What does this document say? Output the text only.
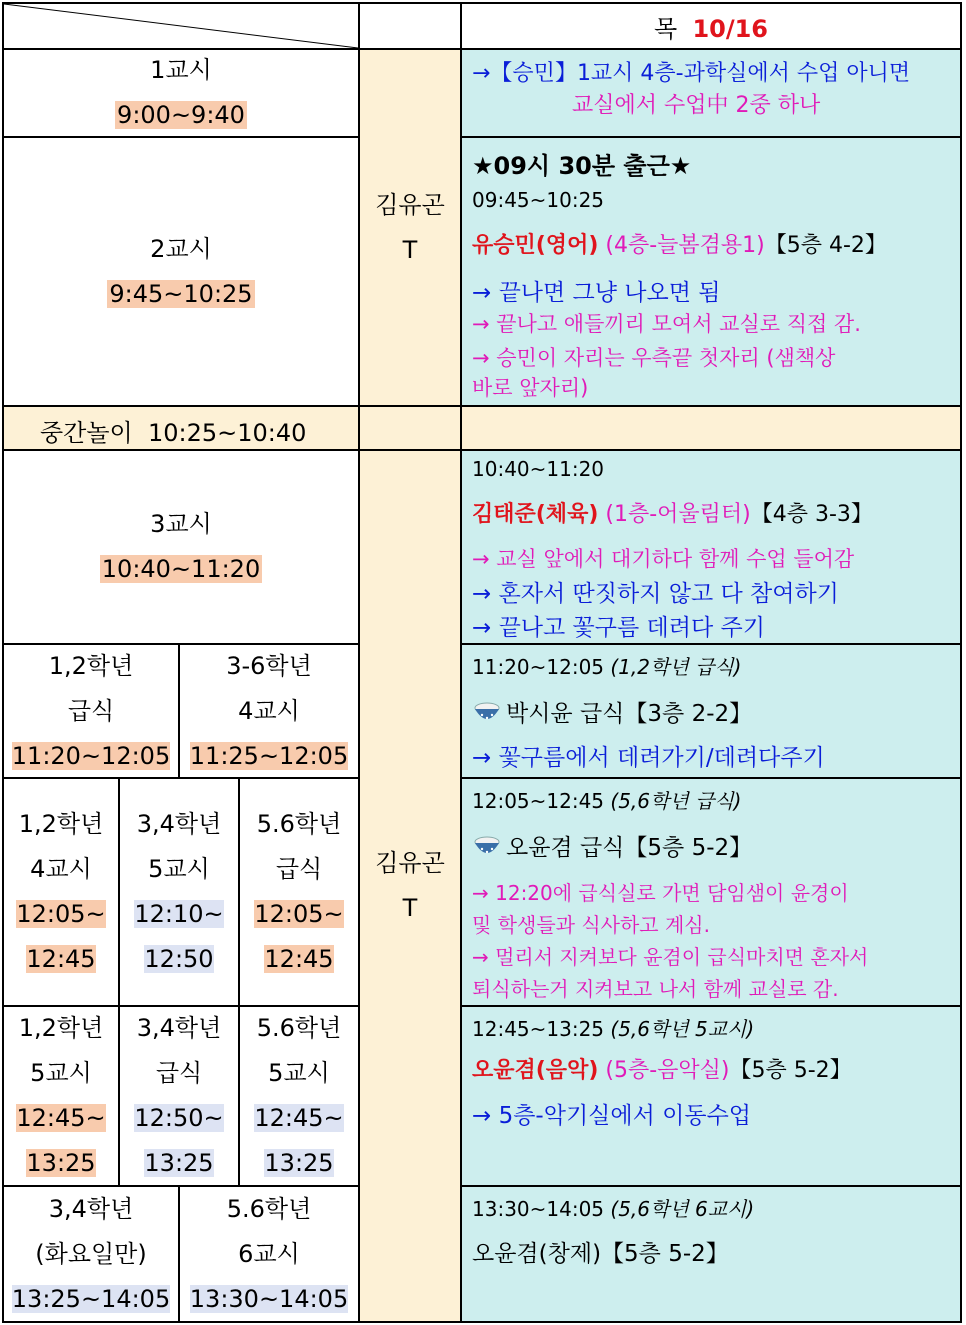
목 10/16
1교시
9:00~9:40
2교시
9:45~10:25
김유곤
T
→【승민】1교시 4층-과학실에서 수업 아니면
교실에서 수업中 2중 하나
★09시 30분 출근★
09:45~10:25
유승민(영어) (4층-늘봄겸용1)【5층 4-2】
→ 끝나면 그냥 나오면 됨
→ 끝나고 애들끼리 모여서 교실로 직접 감.
→ 승민이 자리는 우측끝 첫자리 (샘책상
바로 앞자리)
중간놀이  10:25~10:40
3교시
10:40~11:20
1,2학년
급식
11:20~12:05
3-6학년
4교시
11:25~12:05
1,2학년
4교시
12:05~
12:45
3,4학년
5교시
12:10~
12:50
5.6학년
급식
12:05~
12:45
1,2학년
5교시
12:45~
13:25
3,4학년
급식
12:50~
13:25
5.6학년
5교시
12:45~
13:25
3,4학년
(화요일만)
13:25~14:05
5.6학년
6교시
13:30~14:05
김유곤
T
10:40~11:20
김태준(체육) (1층-어울림터)【4층 3-3】
→ 교실 앞에서 대기하다 함께 수업 들어감
→ 혼자서 딴짓하지 않고 다 참여하기
→ 끝나고 꽃구름 데려다 주기
11:20~12:05 (1,2학년 급식)
박시윤 급식【3층 2-2】
→ 꽃구름에서 데려가기/데려다주기
12:05~12:45 (5,6학년 급식)
오윤겸 급식【5층 5-2】
→ 12:20에 급식실로 가면 담임샘이 윤경이
및 학생들과 식사하고 계심.
→ 멀리서 지켜보다 윤겸이 급식마치면 혼자서
퇴식하는거 지켜보고 나서 함께 교실로 감.
12:45~13:25 (5,6학년 5교시)
오윤겸(음악) (5층-음악실)【5층 5-2】
→ 5층-악기실에서 이동수업
13:30~14:05 (5,6학년 6교시)
오윤겸(창제)【5층 5-2】
